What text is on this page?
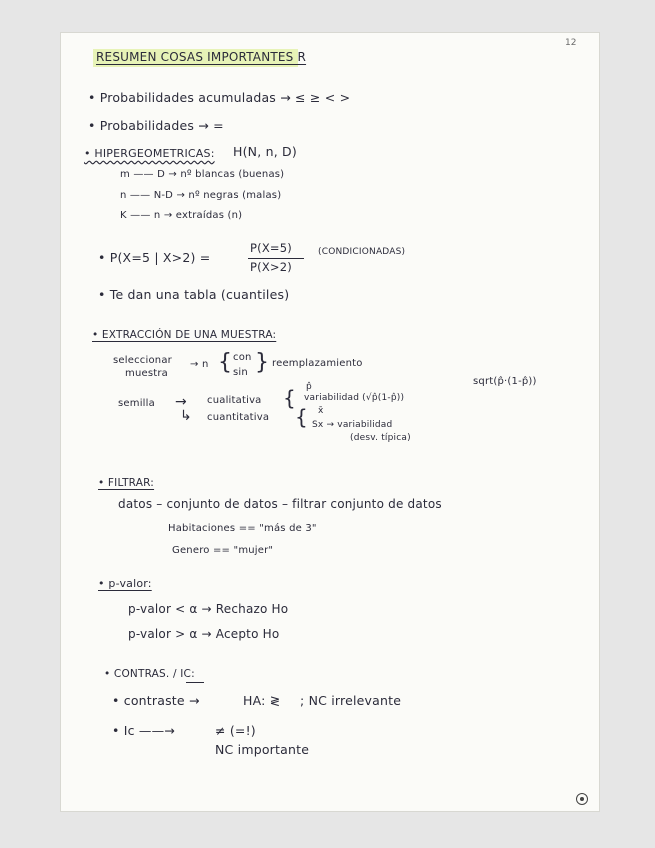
12
RESUMEN COSAS IMPORTANTES R
• Probabilidades acumuladas → ≤ ≥ < >
• Probabilidades → =
• HIPERGEOMETRICAS: H(N, n, D)
m —— D → nº blancas (buenas)
n —— N-D → nº negras (malas)
K —— n → extraídas (n)
• P(X=5 | X>2) =
P(X=5)
P(X>2)
(CONDICIONADAS)
• Te dan una tabla (cuantiles)
• EXTRACCIÓN DE UNA MUESTRA:
seleccionar
muestra
→ n { con
sin } reemplazamiento
semilla →
↳
cualitativa
cuantitativa
{ p̂
variabilidad (√p̂(1-p̂))
sqrt(p̂·(1-p̂))
{ x̄
Sx → variabilidad
(desv. típica)
• FILTRAR:
datos – conjunto de datos – filtrar conjunto de datos
Habitaciones == "más de 3"
Genero == "mujer"
• p-valor:
p-valor < α → Rechazo Ho
p-valor > α → Acepto Ho
• CONTRAS. / IC:
• contraste →	HA: ≷ ; NC irrelevante
• Ic ——→	≠ (=!)
NC importante
